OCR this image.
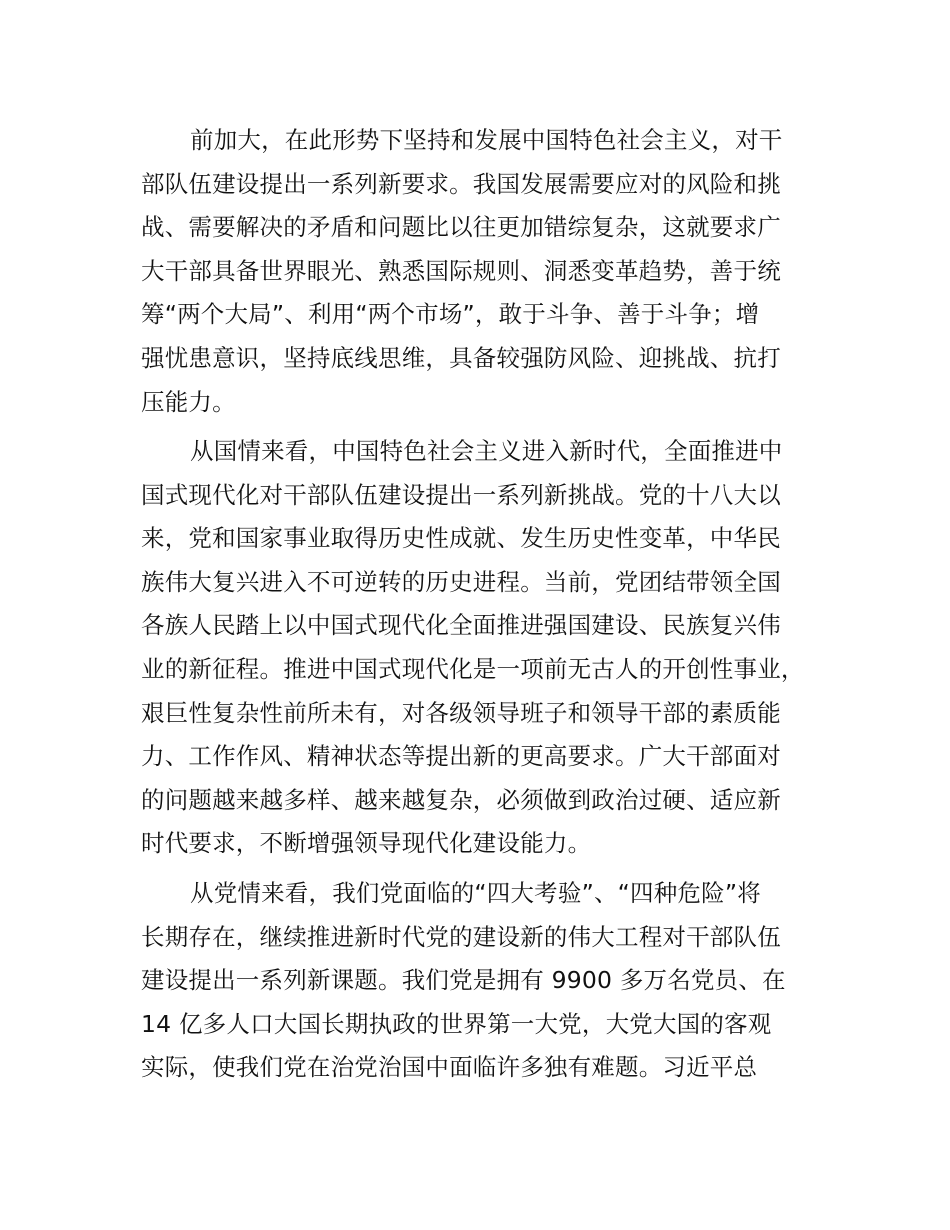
前加大，在此形势下坚持和发展中国特色社会主义，对干
部队伍建设提出一系列新要求。我国发展需要应对的风险和挑
战、需要解决的矛盾和问题比以往更加错综复杂，这就要求广
大干部具备世界眼光、熟悉国际规则、洞悉变革趋势，善于统
筹“两个大局”、利用“两个市场”，敢于斗争、善于斗争；增
强忧患意识，坚持底线思维，具备较强防风险、迎挑战、抗打
压能力。
从国情来看，中国特色社会主义进入新时代，全面推进中
国式现代化对干部队伍建设提出一系列新挑战。党的十八大以
来，党和国家事业取得历史性成就、发生历史性变革，中华民
族伟大复兴进入不可逆转的历史进程。当前，党团结带领全国
各族人民踏上以中国式现代化全面推进强国建设、民族复兴伟
业的新征程。推进中国式现代化是一项前无古人的开创性事业，
艰巨性复杂性前所未有，对各级领导班子和领导干部的素质能
力、工作作风、精神状态等提出新的更高要求。广大干部面对
的问题越来越多样、越来越复杂，必须做到政治过硬、适应新
时代要求，不断增强领导现代化建设能力。
从党情来看，我们党面临的“四大考验”、“四种危险”将
长期存在，继续推进新时代党的建设新的伟大工程对干部队伍
建设提出一系列新课题。我们党是拥有 9900 多万名党员、在
14 亿多人口大国长期执政的世界第一大党，大党大国的客观
实际，使我们党在治党治国中面临许多独有难题。习近平总
